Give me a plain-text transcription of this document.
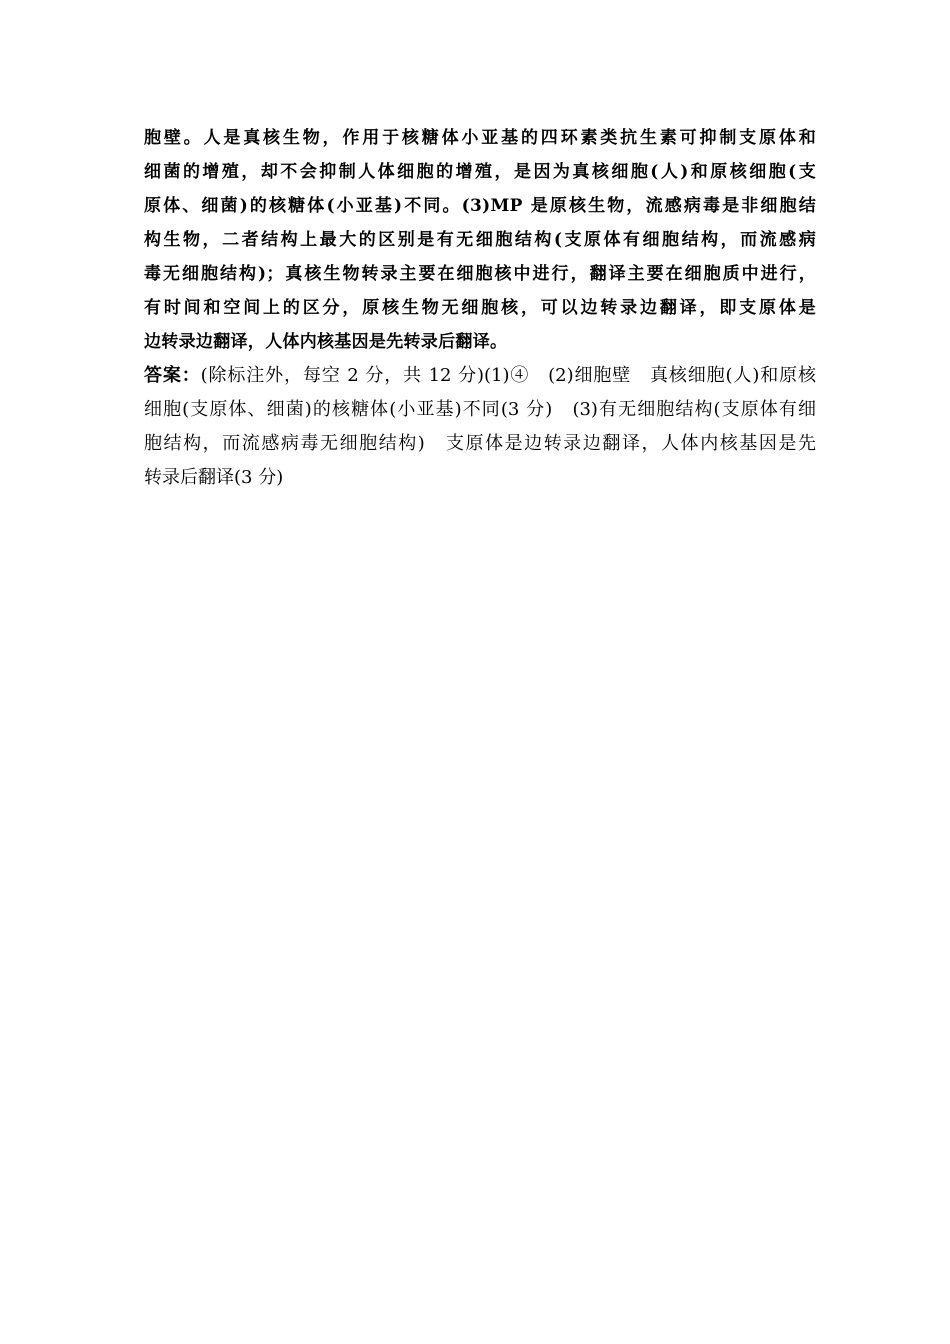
胞壁。人是真核生物，作用于核糖体小亚基的四环素类抗生素可抑制支原体和
细菌的增殖，却不会抑制人体细胞的增殖，是因为真核细胞(人)和原核细胞(支
原体、细菌)的核糖体(小亚基)不同。(3)MP 是原核生物，流感病毒是非细胞结
构生物，二者结构上最大的区别是有无细胞结构(支原体有细胞结构，而流感病
毒无细胞结构)；真核生物转录主要在细胞核中进行，翻译主要在细胞质中进行，
有时间和空间上的区分，原核生物无细胞核，可以边转录边翻译，即支原体是
边转录边翻译，人体内核基因是先转录后翻译。
答案：(除标注外，每空 2 分，共 12 分)(1)④　(2)细胞壁　真核细胞(人)和原核
细胞(支原体、细菌)的核糖体(小亚基)不同(3 分)　(3)有无细胞结构(支原体有细
胞结构，而流感病毒无细胞结构)　支原体是边转录边翻译，人体内核基因是先
转录后翻译(3 分)
